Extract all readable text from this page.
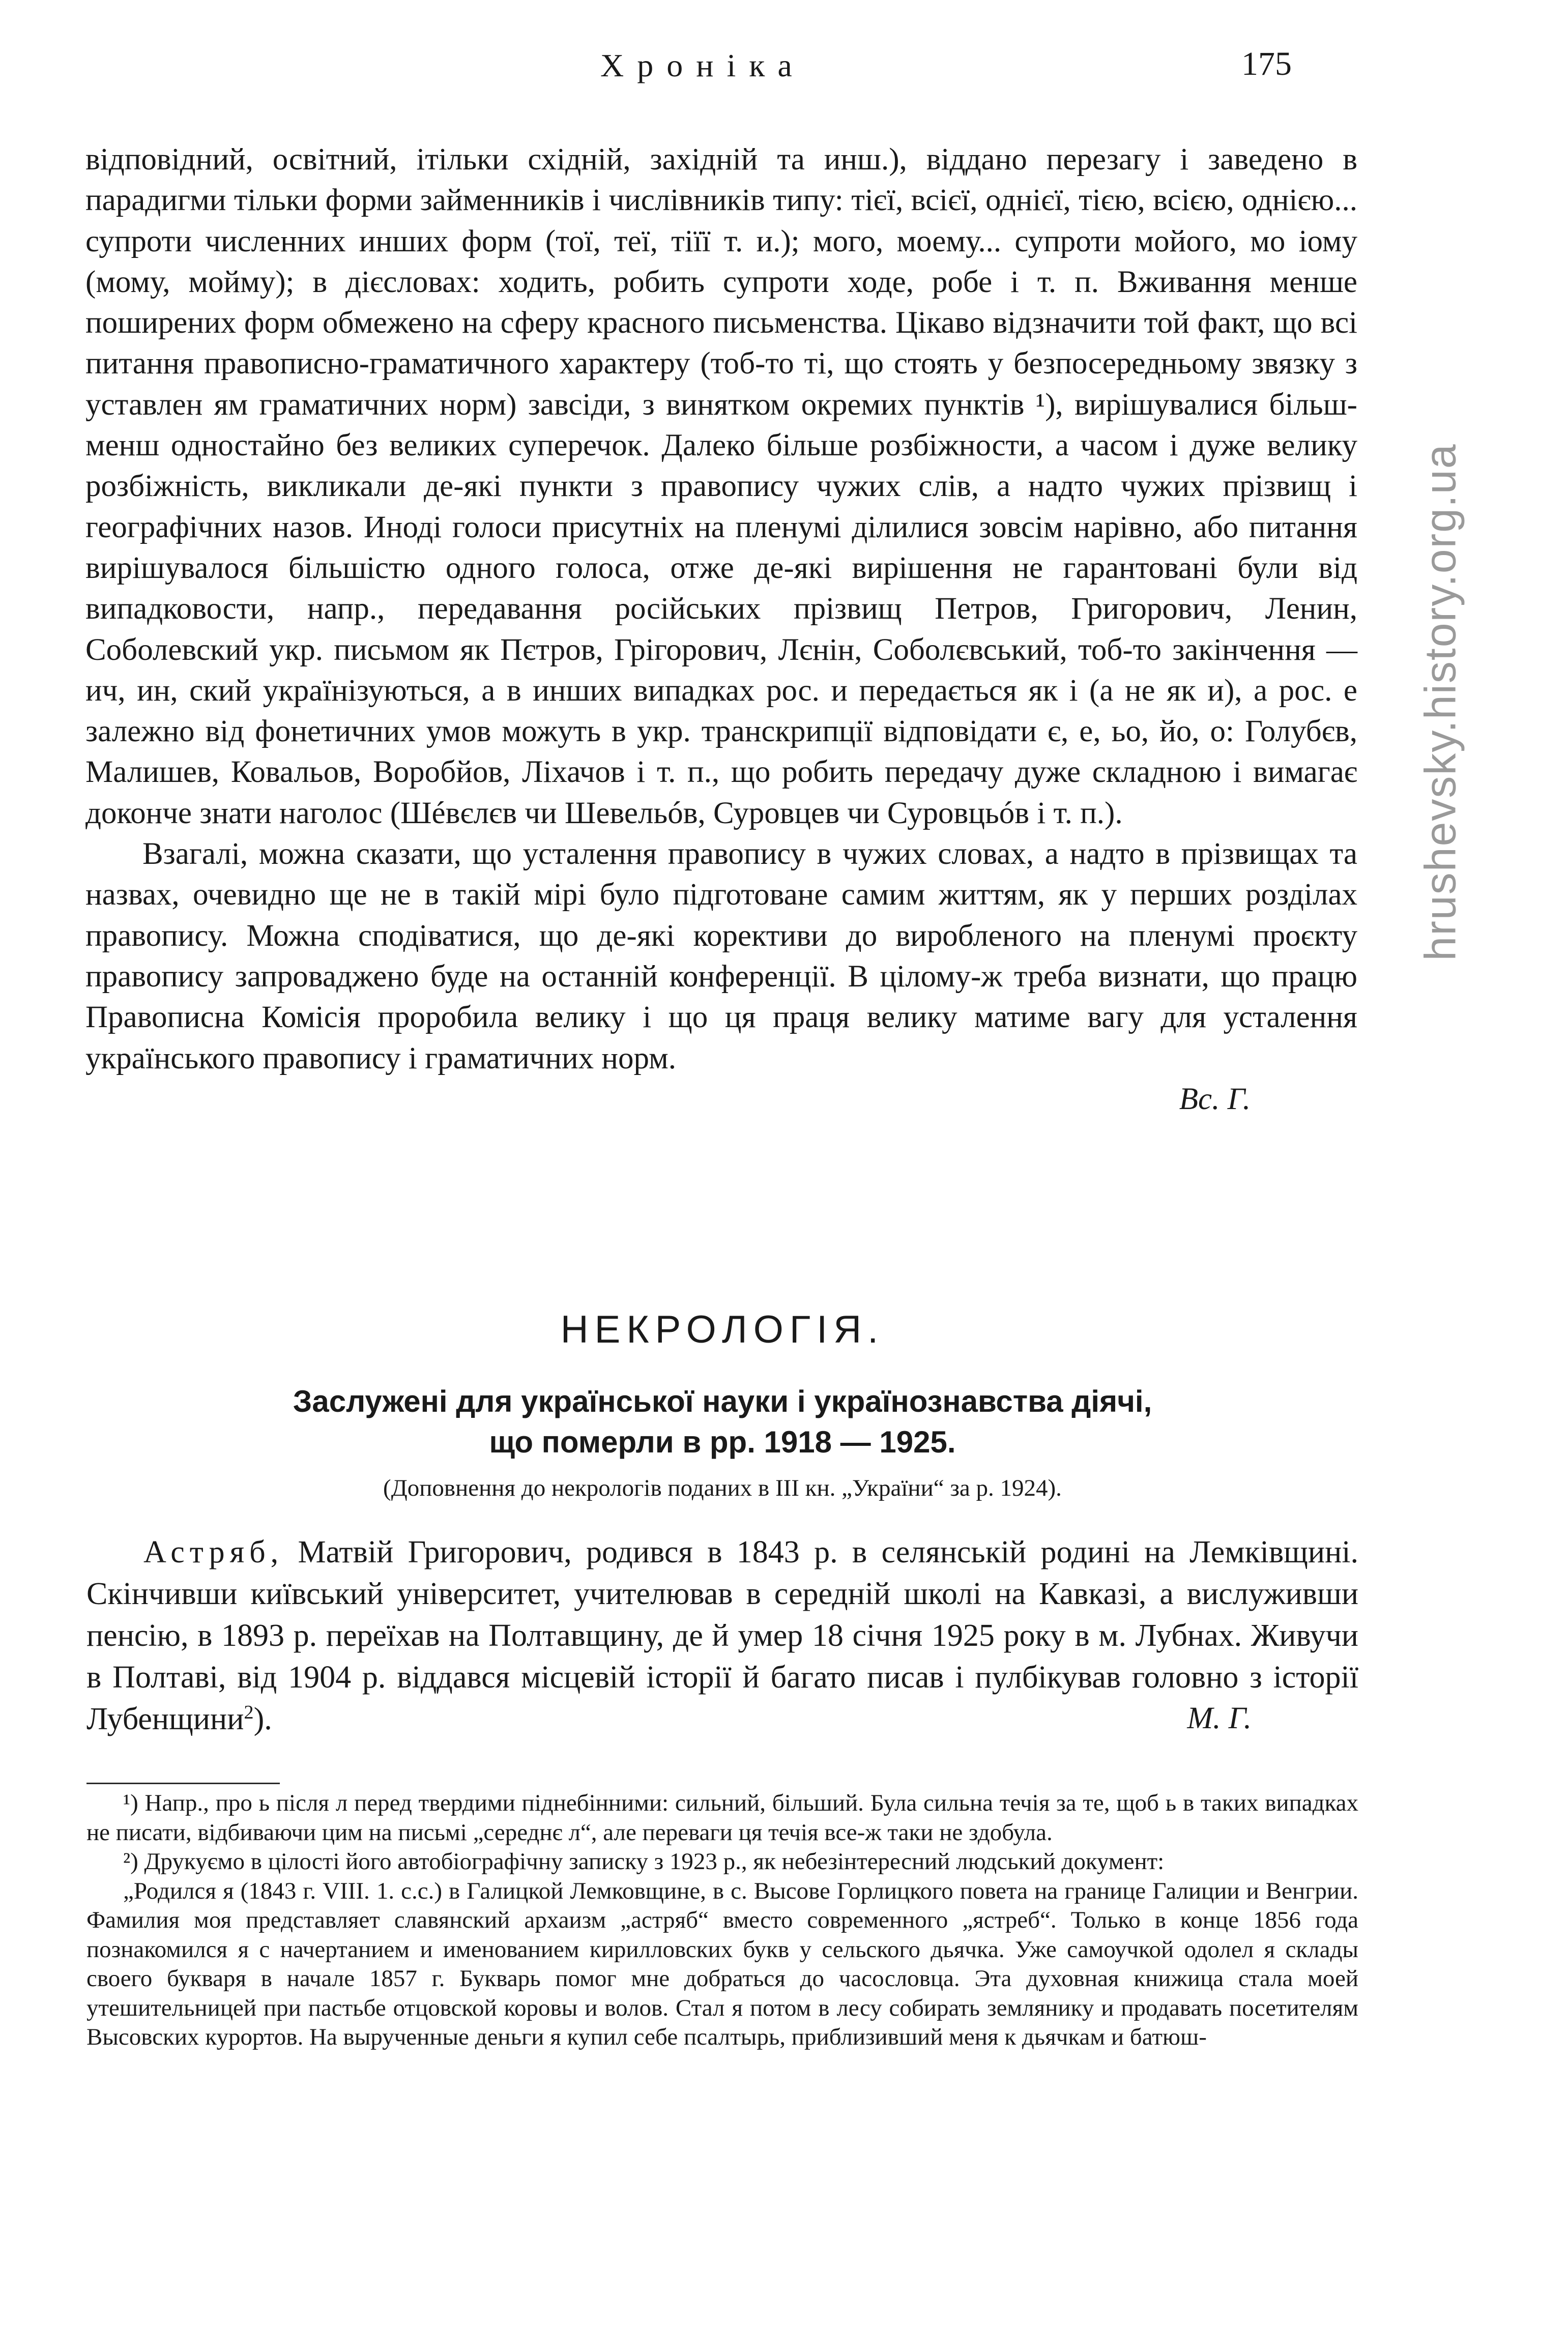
Хроніка	175
hrushevsky.history.org.ua

відповідний, освітний, ітільки східній, західній та инш.), віддано перезагу і заведено в парадигми тільки форми займенників і числівників типу: тієї, всієї, однієї, тією, всією, однією... супроти численних инших форм (тої, теї, тіїї т. и.); мого, моему... супроти мойого, мо іому (мому, мойму); в дієсловах: ходить, робить супроти ходе, робе і т. п. Вживання менше поширених форм обмежено на сферу красного письменства. Цікаво відзначити той факт, що всі питання правописно-граматичного характеру (тоб-то ті, що стоять у безпосередньому звязку з уставлен ям граматичних норм) завсіди, з винятком окремих пунктів ¹), вирішувалися більш-менш одностайно без великих суперечок. Далеко більше розбіжности, а часом і дуже велику розбіжність, викликали де-які пункти з правопису чужих слів, а надто чужих прізвищ і географічних назов. Иноді голоси присутніх на пленумі ділилися зовсім нарівно, або питання вирішувалося більшістю одного голоса, отже де-які вирішення не гарантовані були від випадковости, напр., передавання російських прізвищ Петров, Григорович, Ленин, Соболевский укр. письмом як Пєтров, Грігорович, Лєнін, Соболєвський, тоб-то закінчення — ич, ин, ский українізуються, а в инших випадках рос. и передається як і (а не як и), а рос. е залежно від фонетичних умов можуть в укр. транскрипції відповідати є, е, ьо, йо, о: Голубєв, Малишев, Ковальов, Воробйов, Ліхачов і т. п., що робить передачу дуже складною і вимагає доконче знати наголос (Шéвєлєв чи Шевельóв, Суровцев чи Суровцьóв і т. п.).

Взагалі, можна сказати, що усталення правопису в чужих словах, а надто в прізвищах та назвах, очевидно ще не в такій мірі було підготоване самим життям, як у перших розділах правопису. Можна сподіватися, що де-які корективи до виробленого на пленумі проєкту правопису запроваджено буде на останній конференції. В цілому-ж треба визнати, що працю Правописна Комісія проробила велику і що ця праця велику матиме вагу для усталення українського правопису і граматичних норм.

Вс. Г.

НЕКРОЛОГІЯ.
Заслужені для української науки і українознавства діячі,
що померли в рр. 1918 — 1925.
(Доповнення до некрологів поданих в III кн. „України“ за р. 1924).

Астряб, Матвій Григорович, родився в 1843 р. в селянській родині на Лемківщині. Скінчивши київський університет, учителював в середній школі на Кавказі, а вислуживши пенсію, в 1893 р. переїхав на Полтавщину, де й умер 18 січня 1925 року в м. Лубнах. Живучи в Полтаві, від 1904 р. віддався місцевій історії й багато писав і пулбікував головно з історії Лубенщини$^2$).	М. Г.

¹) Напр., про ь після л перед твердими піднебінними: сильний, більший. Була сильна течія за те, щоб ь в таких випадках не писати, відбиваючи цим на письмі „середнє л“, але переваги ця течія все-ж таки не здобула.

²) Друкуємо в цілості його автобіографічну записку з 1923 р., як небезінтересний людський документ:

„Родился я (1843 г. VIII. 1. с.с.) в Галицкой Лемковщине, в с. Высове Горлицкого повета на границе Галиции и Венгрии. Фамилия моя представляет славянский архаизм „астряб“ вместо современного „ястреб“. Только в конце 1856 года познакомился я с начертанием и именованием кирилловских букв у сельского дьячка. Уже самоучкой одолел я склады своего букваря в начале 1857 г. Букварь помог мне добраться до часословца. Эта духовная книжица стала моей утешительницей при пастьбе отцовской коровы и волов. Стал я потом в лесу собирать землянику и продавать посетителям Высовских курортов. На вырученные деньги я купил себе псалтырь, приблизивший меня к дьячкам и батюш-
